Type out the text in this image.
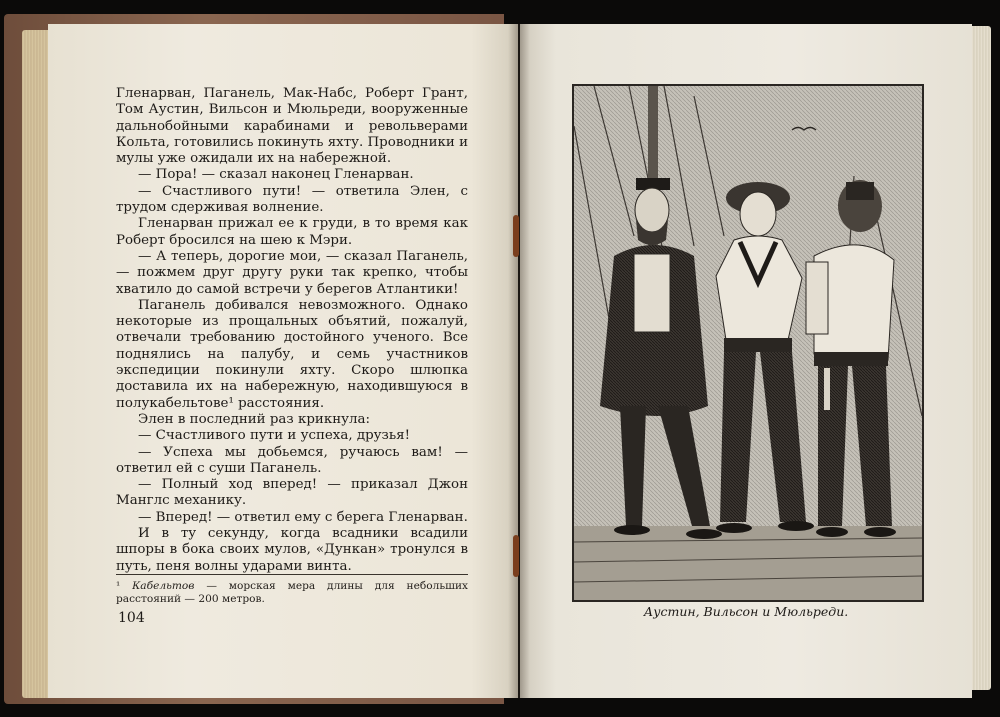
Гленарван, Паганель, Мак-Набс, Роберт Грант, Том Аустин, Вильсон и Мюльреди, вооруженные дальнобойными карабинами и револьверами Кольта, готовились покинуть яхту. Проводники и мулы уже ожидали их на набережной.

— Пора! — сказал наконец Гленарван.

— Счастливого пути! — ответила Элен, с трудом сдерживая волнение.

Гленарван прижал ее к груди, в то время как Роберт бросился на шею к Мэри.

— А теперь, дорогие мои, — сказал Паганель, — пожмем друг другу руки так крепко, чтобы хватило до самой встречи у берегов Атлантики!

Паганель добивался невозможного. Однако некоторые из прощальных объятий, пожалуй, отвечали требованию достойного ученого. Все поднялись на палубу, и семь участников экспедиции покинули яхту. Скоро шлюпка доставила их на набережную, находившуюся в полукабельтове¹ расстояния.

Элен в последний раз крикнула:

— Счастливого пути и успеха, друзья!

— Успеха мы добьемся, ручаюсь вам! — ответил ей с суши Паганель.

— Полный ход вперед! — приказал Джон Манглс механику.

— Вперед! — ответил ему с берега Гленарван.

И в ту секунду, когда всадники всадили шпоры в бока своих мулов, «Дункан» тронулся в путь, пеня волны ударами винта.

¹ Кабельтов — морская мера длины для небольших расстояний — 200 метров.
104	Аустин, Вильсон и Мюльреди.
